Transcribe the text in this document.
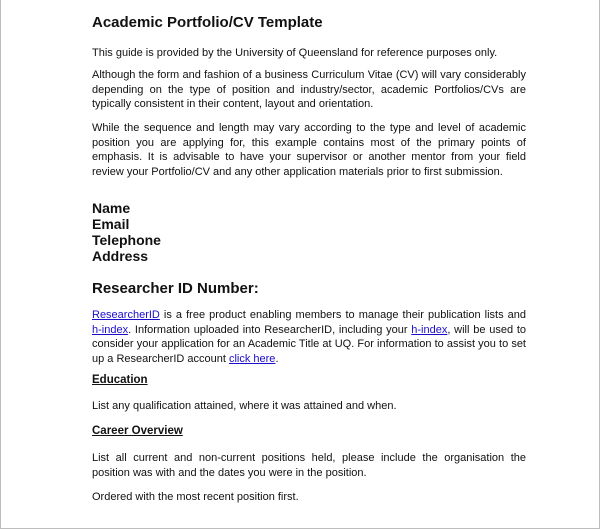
Academic Portfolio/CV Template
This guide is provided by the University of Queensland for reference purposes only.
Although the form and fashion of a business Curriculum Vitae (CV) will vary considerably depending on the type of position and industry/sector, academic Portfolios/CVs are typically consistent in their content, layout and orientation.
While the sequence and length may vary according to the type and level of academic position you are applying for, this example contains most of the primary points of emphasis. It is advisable to have your supervisor or another mentor from your field review your Portfolio/CV and any other application materials prior to first submission.
Name
Email
Telephone
Address
Researcher ID Number:
ResearcherID is a free product enabling members to manage their publication lists and h-index. Information uploaded into ResearcherID, including your h-index, will be used to consider your application for an Academic Title at UQ. For information to assist you to set up a ResearcherID account click here.
Education
List any qualification attained, where it was attained and when.
Career Overview
List all current and non-current positions held, please include the organisation the position was with and the dates you were in the position.
Ordered with the most recent position first.
